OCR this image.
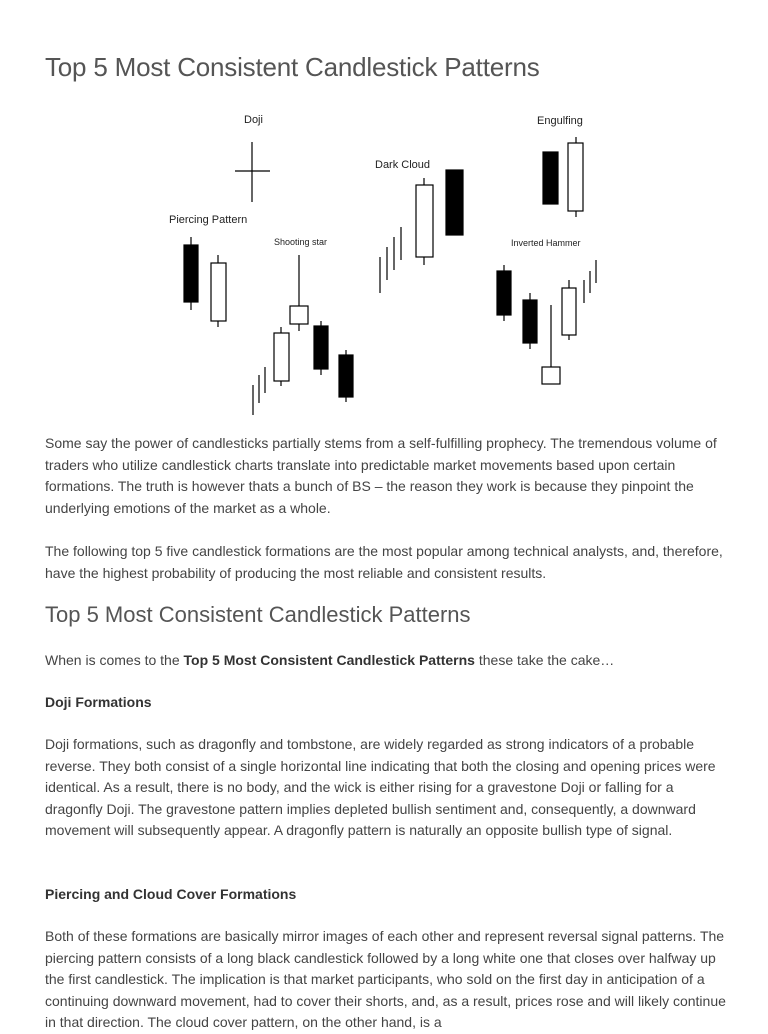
Top 5 Most Consistent Candlestick Patterns
Doji	Engulfing
Dark Cloud
Piercing Pattern
Shooting star	Inverted Hammer

Some say the power of candlesticks partially stems from a self-fulfilling prophecy. The tremendous volume of traders who utilize candlestick charts translate into predictable market movements based upon certain formations. The truth is however thats a bunch of BS – the reason they work is because they pinpoint the underlying emotions of the market as a whole.

The following top 5 five candlestick formations are the most popular among technical analysts, and, therefore, have the highest probability of producing the most reliable and consistent results.

Top 5 Most Consistent Candlestick Patterns

When is comes to the Top 5 Most Consistent Candlestick Patterns these take the cake…

Doji Formations

Doji formations, such as dragonfly and tombstone, are widely regarded as strong indicators of a probable reverse. They both consist of a single horizontal line indicating that both the closing and opening prices were identical. As a result, there is no body, and the wick is either rising for a gravestone Doji or falling for a dragonfly Doji. The gravestone pattern implies depleted bullish sentiment and, consequently, a downward movement will subsequently appear. A dragonfly pattern is naturally an opposite bullish type of signal.

Piercing and Cloud Cover Formations

Both of these formations are basically mirror images of each other and represent reversal signal patterns. The piercing pattern consists of a long black candlestick followed by a long white one that closes over halfway up the first candlestick. The implication is that market participants, who sold on the first day in anticipation of a continuing downward movement, had to cover their shorts, and, as a result, prices rose and will likely continue in that direction. The cloud cover pattern, on the other hand, is a
